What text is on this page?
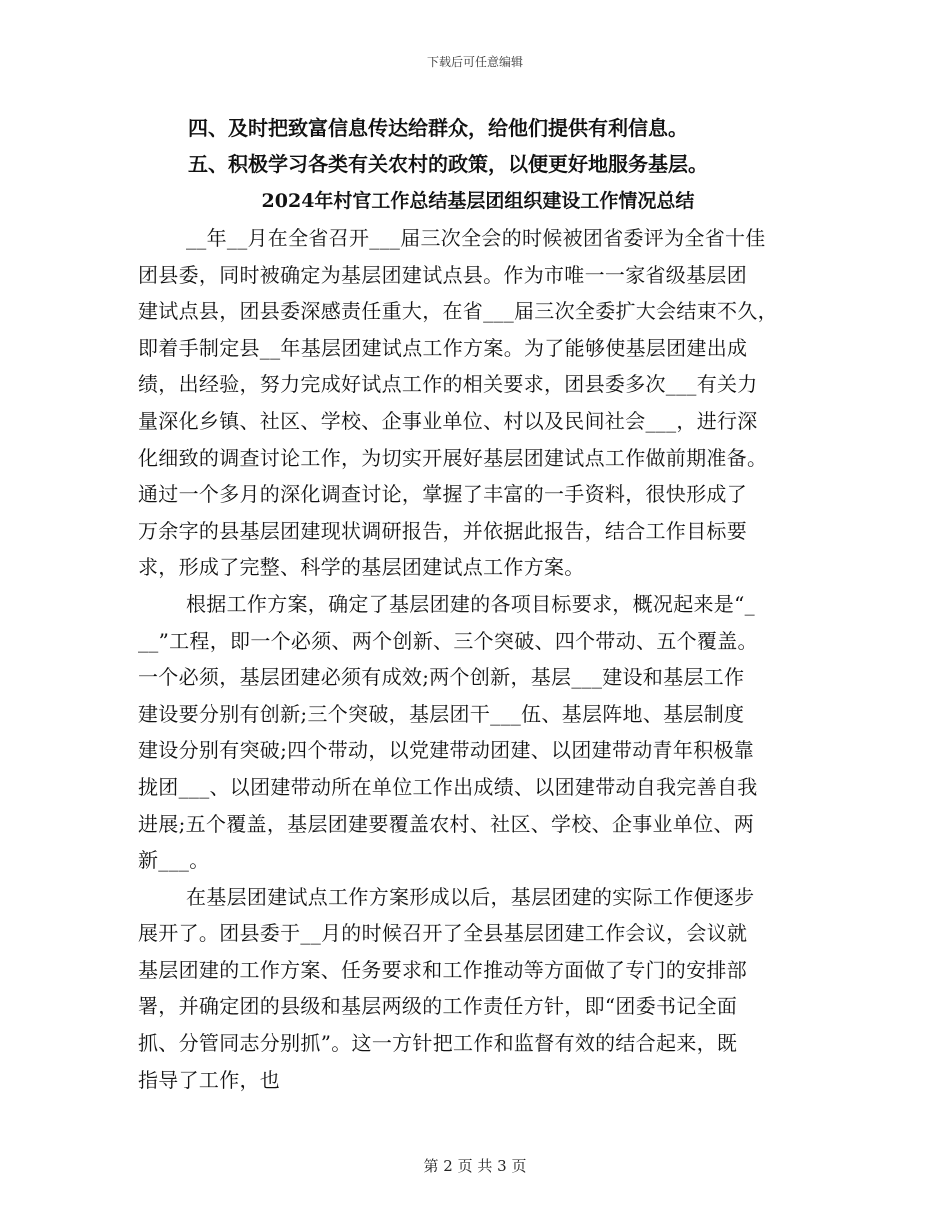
下载后可任意编辑
四、及时把致富信息传达给群众，给他们提供有利信息。
五、积极学习各类有关农村的政策，以便更好地服务基层。
2024年村官工作总结基层团组织建设工作情况总结
__年__月在全省召开___届三次全会的时候被团省委评为全省十佳
团县委，同时被确定为基层团建试点县。作为市唯一一家省级基层团
建试点县，团县委深感责任重大，在省___届三次全委扩大会结束不久，
即着手制定县__年基层团建试点工作方案。为了能够使基层团建出成
绩，出经验，努力完成好试点工作的相关要求，团县委多次___有关力
量深化乡镇、社区、学校、企事业单位、村以及民间社会___，进行深
化细致的调查讨论工作，为切实开展好基层团建试点工作做前期准备。
通过一个多月的深化调查讨论，掌握了丰富的一手资料，很快形成了
万余字的县基层团建现状调研报告，并依据此报告，结合工作目标要
求，形成了完整、科学的基层团建试点工作方案。
根据工作方案，确定了基层团建的各项目标要求，概况起来是“_
__”工程，即一个必须、两个创新、三个突破、四个带动、五个覆盖。
一个必须，基层团建必须有成效;两个创新，基层___建设和基层工作
建设要分别有创新;三个突破，基层团干___伍、基层阵地、基层制度
建设分别有突破;四个带动，以党建带动团建、以团建带动青年积极靠
拢团___、以团建带动所在单位工作出成绩、以团建带动自我完善自我
进展;五个覆盖，基层团建要覆盖农村、社区、学校、企事业单位、两
新___。
在基层团建试点工作方案形成以后，基层团建的实际工作便逐步
展开了。团县委于__月的时候召开了全县基层团建工作会议，会议就
基层团建的工作方案、任务要求和工作推动等方面做了专门的安排部
署，并确定团的县级和基层两级的工作责任方针，即“团委书记全面
抓、分管同志分别抓”。这一方针把工作和监督有效的结合起来，既
指导了工作，也
第 2 页 共 3 页
